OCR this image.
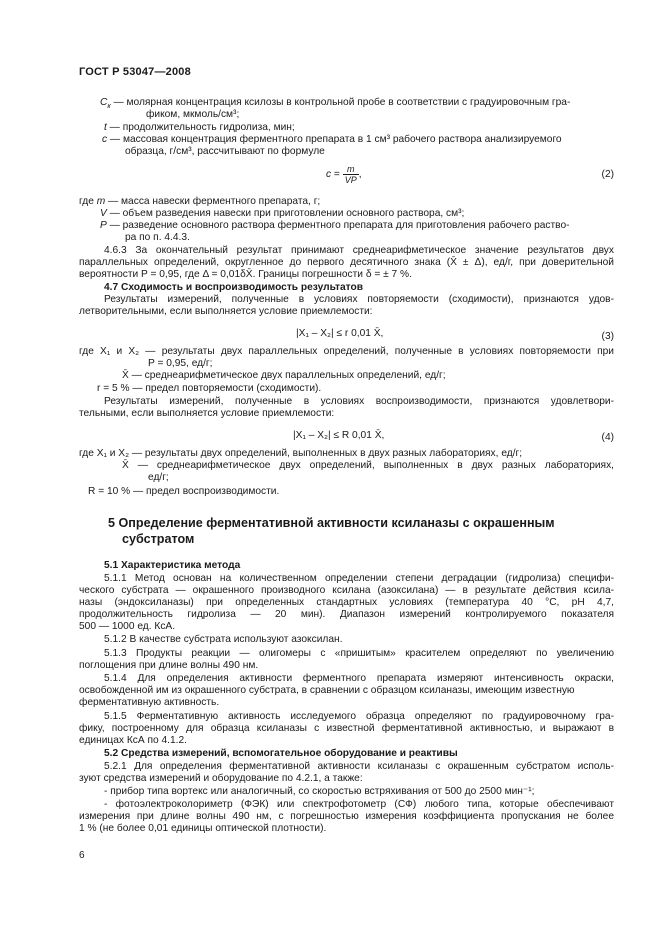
ГОСТ Р 53047—2008
$C_к$ — молярная концентрация ксилозы в контрольной пробе в соответствии с градуировочным гра-
фиком, мкмоль/см³;
t — продолжительность гидролиза, мин;
c — массовая концентрация ферментного препарата в 1 см³ рабочего раствора анализируемого
образца, г/см³, рассчитывают по формуле
$c = \frac{m}{VP}$ ,	(2)
где m — масса навески ферментного препарата, г;
V — объем разведения навески при приготовлении основного раствора, см³;
P — разведение основного раствора ферментного препарата для приготовления рабочего раство-
ра по п. 4.4.3.
4.6.3 За окончательный результат принимают среднеарифметическое значение результатов двух
параллельных определений, округленное до первого десятичного знака (X̄ ± Δ), ед/г, при доверительной
вероятности P = 0,95, где Δ = 0,01δX̄. Границы погрешности δ = ± 7 %.
4.7 Сходимость и воспроизводимость результатов
Результаты измерений, полученные в условиях повторяемости (сходимости), признаются удов-
летворительными, если выполняется условие приемлемости:
|X₁ – X₂| ≤ r 0,01 X̄,	(3)
где X₁ и X₂ — результаты двух параллельных определений, полученные в условиях повторяемости при
P = 0,95, ед/г;
X̄ — среднеарифметическое двух параллельных определений, ед/г;
r = 5 % — предел повторяемости (сходимости).
Результаты измерений, полученные в условиях воспроизводимости, признаются удовлетвори-
тельными, если выполняется условие приемлемости:
|X₁ – X₂| ≤ R 0,01 X̄,	(4)
где X₁ и X₂ — результаты двух определений, выполненных в двух разных лабораториях, ед/г;
X̄ — среднеарифметическое двух определений, выполненных в двух разных лабораториях,
ед/г;
R = 10 % — предел воспроизводимости.
5 Определение ферментативной активности ксиланазы с окрашенным
субстратом
5.1 Характеристика метода
5.1.1 Метод основан на количественном определении степени деградации (гидролиза) специфи-
ческого субстрата — окрашенного производного ксилана (азоксилана) — в результате действия ксила-
назы (эндоксиланазы) при определенных стандартных условиях (температура 40 °С, pH 4,7,
продолжительность гидролиза — 20 мин). Диапазон измерений контролируемого показателя
500 — 1000 ед. КсА.
5.1.2 В качестве субстрата используют азоксилан.
5.1.3 Продукты реакции — олигомеры с «пришитым» красителем определяют по увеличению
поглощения при длине волны 490 нм.
5.1.4 Для определения активности ферментного препарата измеряют интенсивность окраски,
освобожденной им из окрашенного субстрата, в сравнении с образцом ксиланазы, имеющим известную
ферментативную активность.
5.1.5 Ферментативную активность исследуемого образца определяют по градуировочному гра-
фику, построенному для образца ксиланазы с известной ферментативной активностью, и выражают в
единицах КсА по 4.1.2.
5.2 Средства измерений, вспомогательное оборудование и реактивы
5.2.1 Для определения ферментативной активности ксиланазы с окрашенным субстратом исполь-
зуют средства измерений и оборудование по 4.2.1, а также:
- прибор типа вортекс или аналогичный, со скоростью встряхивания от 500 до 2500 мин⁻¹;
- фотоэлектроколориметр (ФЭК) или спектрофотометр (СФ) любого типа, которые обеспечивают
измерения при длине волны 490 нм, с погрешностью измерения коэффициента пропускания не более
1 % (не более 0,01 единицы оптической плотности).
6
